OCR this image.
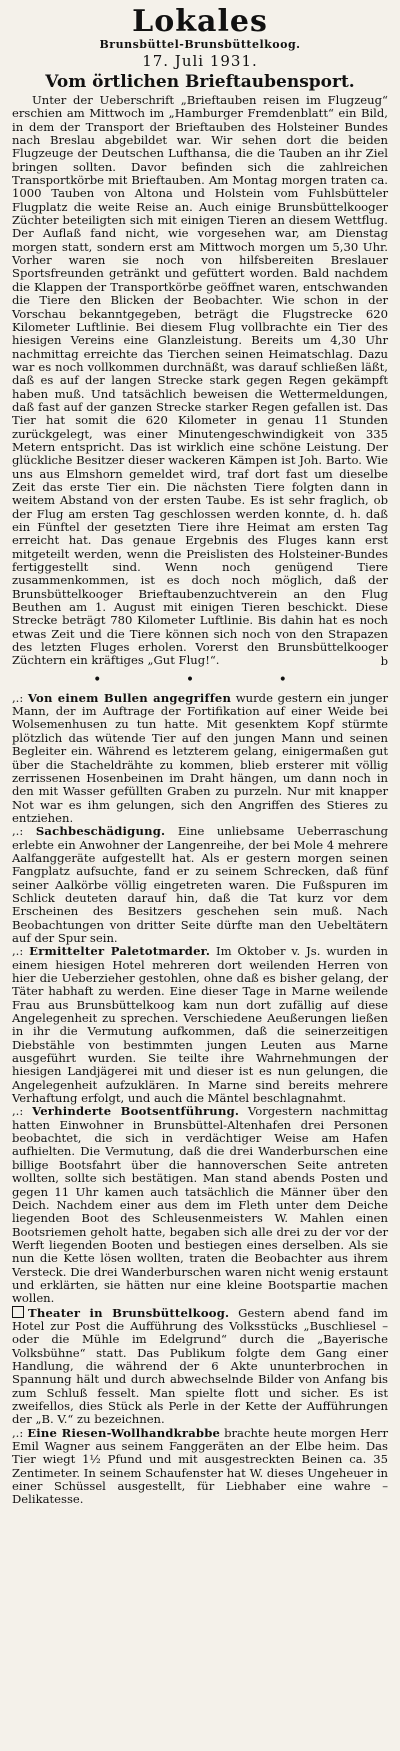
Lokales
Brunsbüttel-Brunsbüttelkoog.
17. Juli 1931.
Vom örtlichen Brieftaubensport.

Unter der Ueberschrift „Brieftauben reisen im Flugzeug“ erschien am Mittwoch im „Hamburger Fremdenblatt“ ein Bild, in dem der Transport der Brieftauben des Holsteiner Bundes nach Breslau abgebildet war. Wir sehen dort die beiden Flugzeuge der Deutschen Lufthansa, die die Tauben an ihr Ziel bringen sollten. Davor befinden sich die zahlreichen Transportkörbe mit Brieftauben. Am Montag morgen traten ca. 1000 Tauben von Altona und Holstein vom Fuhlsbütteler Flugplatz die weite Reise an. Auch einige Brunsbüttelkooger Züchter beteiligten sich mit einigen Tieren an diesem Wettflug. Der Auflaß fand nicht, wie vorgesehen war, am Dienstag morgen statt, sondern erst am Mittwoch morgen um 5,30 Uhr. Vorher waren sie noch von hilfsbereiten Breslauer Sportsfreunden getränkt und gefüttert worden. Bald nachdem die Klappen der Transportkörbe geöffnet waren, entschwanden die Tiere den Blicken der Beobachter. Wie schon in der Vorschau bekanntgegeben, beträgt die Flugstrecke 620 Kilometer Luftlinie. Bei diesem Flug vollbrachte ein Tier des hiesigen Vereins eine Glanzleistung. Bereits um 4,30 Uhr nachmittag erreichte das Tierchen seinen Heimatschlag. Dazu war es noch vollkommen durchnäßt, was darauf schließen läßt, daß es auf der langen Strecke stark gegen Regen gekämpft haben muß. Und tatsächlich beweisen die Wettermeldungen, daß fast auf der ganzen Strecke starker Regen gefallen ist. Das Tier hat somit die 620 Kilometer in genau 11 Stunden zurückgelegt, was einer Minutengeschwindigkeit von 335 Metern entspricht. Das ist wirklich eine schöne Leistung. Der glückliche Besitzer dieser wackeren Kämpen ist Joh. Barto. Wie uns aus Elmshorn gemeldet wird, traf dort fast um dieselbe Zeit das erste Tier ein. Die nächsten Tiere folgten dann in weitem Abstand von der ersten Taube. Es ist sehr fraglich, ob der Flug am ersten Tag geschlossen werden konnte, d. h. daß ein Fünftel der gesetzten Tiere ihre Heimat am ersten Tag erreicht hat. Das genaue Ergebnis des Fluges kann erst mitgeteilt werden, wenn die Preislisten des Holsteiner-Bundes fertiggestellt sind. Wenn noch genügend Tiere zusammenkommen, ist es doch noch möglich, daß der Brunsbüttelkooger Brieftaubenzuchtverein an den Flug Beuthen am 1. August mit einigen Tieren beschickt. Diese Strecke beträgt 780 Kilometer Luftlinie. Bis dahin hat es noch etwas Zeit und die Tiere können sich noch von den Strapazen des letzten Fluges erholen. Vorerst den Brunsbüttelkooger Züchtern ein kräftiges „Gut Flug!“.	b
• • •

,.: Von einem Bullen angegriffen wurde gestern ein junger Mann, der im Auftrage der Fortifikation auf einer Weide bei Wolsemenhusen zu tun hatte. Mit gesenktem Kopf stürmte plötzlich das wütende Tier auf den jungen Mann und seinen Begleiter ein. Während es letzterem gelang, einigermaßen gut über die Stacheldrähte zu kommen, blieb ersterer mit völlig zerrissenen Hosenbeinen im Draht hängen, um dann noch in den mit Wasser gefüllten Graben zu purzeln. Nur mit knapper Not war es ihm gelungen, sich den Angriffen des Stieres zu entziehen.

,.: Sachbeschädigung. Eine unliebsame Ueberraschung erlebte ein Anwohner der Langenreihe, der bei Mole 4 mehrere Aalfanggeräte aufgestellt hat. Als er gestern morgen seinen Fangplatz aufsuchte, fand er zu seinem Schrecken, daß fünf seiner Aalkörbe völlig eingetreten waren. Die Fußspuren im Schlick deuteten darauf hin, daß die Tat kurz vor dem Erscheinen des Besitzers geschehen sein muß. Nach Beobachtungen von dritter Seite dürfte man den Uebeltätern auf der Spur sein.

,.: Ermittelter Paletotmarder. Im Oktober v. Js. wurden in einem hiesigen Hotel mehreren dort weilenden Herren von hier die Ueberzieher gestohlen, ohne daß es bisher gelang, der Täter habhaft zu werden. Eine dieser Tage in Marne weilende Frau aus Brunsbüttelkoog kam nun dort zufällig auf diese Angelegenheit zu sprechen. Verschiedene Aeußerungen ließen in ihr die Vermutung aufkommen, daß die seinerzeitigen Diebstähle von bestimmten jungen Leuten aus Marne ausgeführt wurden. Sie teilte ihre Wahrnehmungen der hiesigen Landjägerei mit und dieser ist es nun gelungen, die Angelegenheit aufzuklären. In Marne sind bereits mehrere Verhaftung erfolgt, und auch die Mäntel beschlagnahmt.

,.: Verhinderte Bootsentführung. Vorgestern nachmittag hatten Einwohner in Brunsbüttel-Altenhafen drei Personen beobachtet, die sich in verdächtiger Weise am Hafen aufhielten. Die Vermutung, daß die drei Wanderburschen eine billige Bootsfahrt über die hannoverschen Seite antreten wollten, sollte sich bestätigen. Man stand abends Posten und gegen 11 Uhr kamen auch tatsächlich die Männer über den Deich. Nachdem einer aus dem im Fleth unter dem Deiche liegenden Boot des Schleusenmeisters W. Mahlen einen Bootsriemen geholt hatte, begaben sich alle drei zu der vor der Werft liegenden Booten und bestiegen eines derselben. Als sie nun die Kette lösen wollten, traten die Beobachter aus ihrem Versteck. Die drei Wanderburschen waren nicht wenig erstaunt und erklärten, sie hätten nur eine kleine Bootspartie machen wollen.

Theater in Brunsbüttelkoog. Gestern abend fand im Hotel zur Post die Aufführung des Volksstücks „Buschliesel – oder die Mühle im Edelgrund“ durch die „Bayerische Volksbühne“ statt. Das Publikum folgte dem Gang einer Handlung, die während der 6 Akte ununterbrochen in Spannung hält und durch abwechselnde Bilder von Anfang bis zum Schluß fesselt. Man spielte flott und sicher. Es ist zweifellos, dies Stück als Perle in der Kette der Aufführungen der „B. V.“ zu bezeichnen.

,.: Eine Riesen-Wollhandkrabbe brachte heute morgen Herr Emil Wagner aus seinem Fanggeräten an der Elbe heim. Das Tier wiegt 1½ Pfund und mit ausgestreckten Beinen ca. 35 Zentimeter. In seinem Schaufenster hat W. dieses Ungeheuer in einer Schüssel ausgestellt, für Liebhaber eine wahre – Delikatesse.
